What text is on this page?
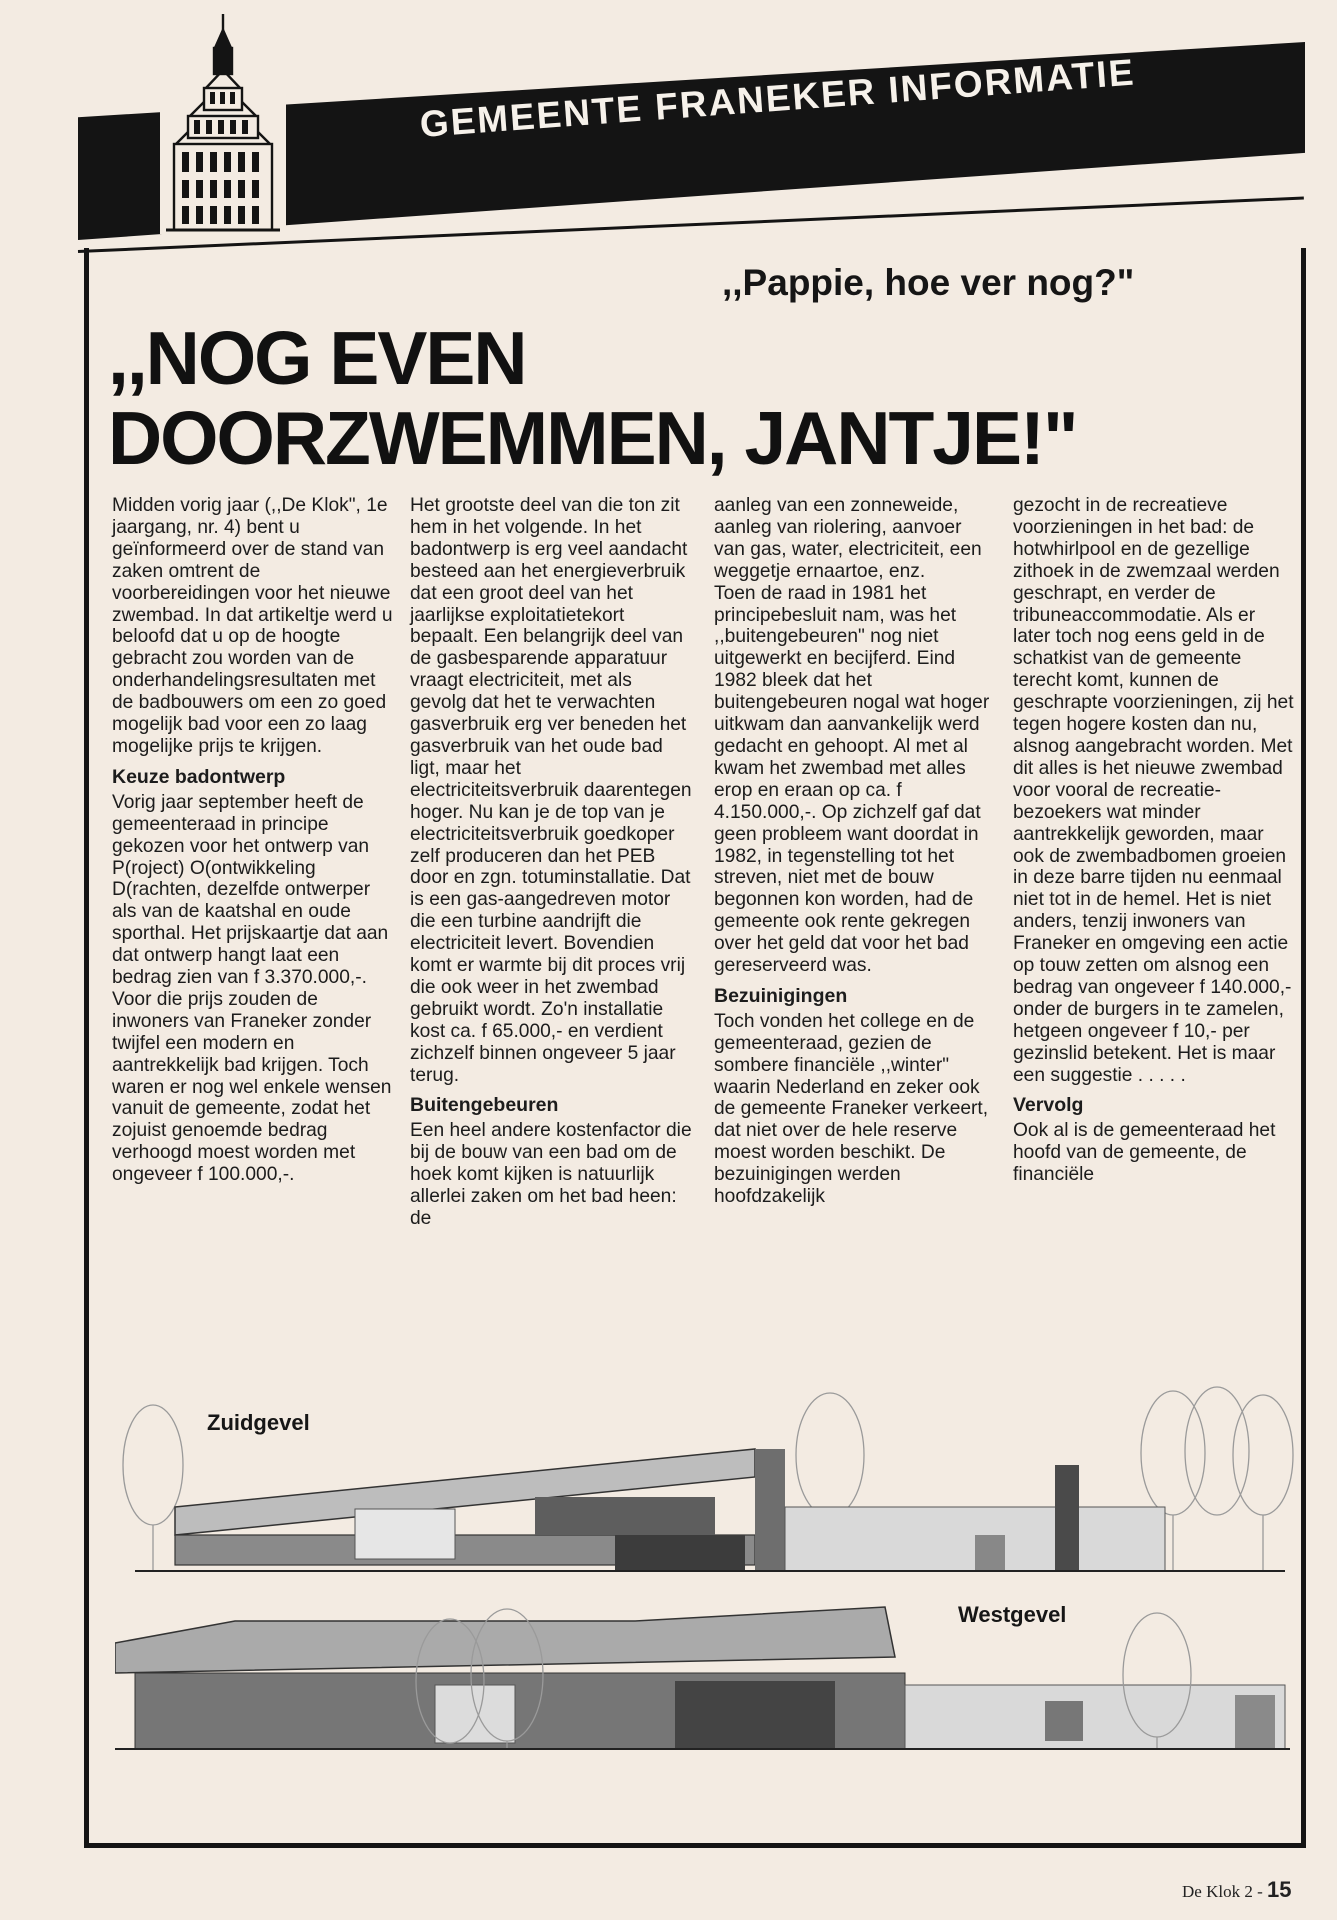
GEMEENTE FRANEKER INFORMATIE

,,Pappie, hoe ver nog?"

,,NOG EVEN
DOORZWEMMEN, JANTJE!"

Midden vorig jaar (,,De Klok", 1e jaargang, nr. 4) bent u geïnformeerd over de stand van zaken omtrent de voorbereidingen voor het nieuwe zwembad. In dat artikeltje werd u beloofd dat u op de hoogte gebracht zou worden van de onderhandelingsresultaten met de badbouwers om een zo goed mogelijk bad voor een zo laag mogelijke prijs te krijgen.

Keuze badontwerp

Vorig jaar september heeft de gemeenteraad in principe gekozen voor het ontwerp van P(roject) O(ontwikkeling D(rachten, dezelfde ontwerper als van de kaatshal en oude sporthal. Het prijskaartje dat aan dat ontwerp hangt laat een bedrag zien van f 3.370.000,-. Voor die prijs zouden de inwoners van Franeker zonder twijfel een modern en aantrekkelijk bad krijgen. Toch waren er nog wel enkele wensen vanuit de gemeente, zodat het zojuist genoemde bedrag verhoogd moest worden met ongeveer f 100.000,-.

Het grootste deel van die ton zit hem in het volgende. In het badontwerp is erg veel aandacht besteed aan het energieverbruik dat een groot deel van het jaarlijkse exploitatietekort bepaalt. Een belangrijk deel van de gasbesparende apparatuur vraagt electriciteit, met als gevolg dat het te verwachten gasverbruik erg ver beneden het gasverbruik van het oude bad ligt, maar het electriciteitsverbruik daarentegen hoger. Nu kan je de top van je electriciteitsverbruik goedkoper zelf produceren dan het PEB door en zgn. totuminstallatie. Dat is een gas-aangedreven motor die een turbine aandrijft die electriciteit levert. Bovendien komt er warmte bij dit proces vrij die ook weer in het zwembad gebruikt wordt. Zo'n installatie kost ca. f 65.000,- en verdient zichzelf binnen ongeveer 5 jaar terug.

Buitengebeuren

Een heel andere kostenfactor die bij de bouw van een bad om de hoek komt kijken is natuurlijk allerlei zaken om het bad heen: de

aanleg van een zonneweide, aanleg van riolering, aanvoer van gas, water, electriciteit, een weggetje ernaartoe, enz.

Toen de raad in 1981 het principebesluit nam, was het ,,buitengebeuren" nog niet uitgewerkt en becijferd. Eind 1982 bleek dat het buitengebeuren nogal wat hoger uitkwam dan aanvankelijk werd gedacht en gehoopt. Al met al kwam het zwembad met alles erop en eraan op ca. f 4.150.000,-. Op zichzelf gaf dat geen probleem want doordat in 1982, in tegenstelling tot het streven, niet met de bouw begonnen kon worden, had de gemeente ook rente gekregen over het geld dat voor het bad gereserveerd was.

Bezuinigingen

Toch vonden het college en de gemeenteraad, gezien de sombere financiële ,,winter" waarin Nederland en zeker ook de gemeente Franeker verkeert, dat niet over de hele reserve moest worden beschikt. De bezuinigingen werden hoofdzakelijk

gezocht in de recreatieve voorzieningen in het bad: de hotwhirlpool en de gezellige zithoek in de zwemzaal werden geschrapt, en verder de tribuneaccommodatie. Als er later toch nog eens geld in de schatkist van de gemeente terecht komt, kunnen de geschrapte voorzieningen, zij het tegen hogere kosten dan nu, alsnog aangebracht worden. Met dit alles is het nieuwe zwembad voor vooral de recreatie-bezoekers wat minder aantrekkelijk geworden, maar ook de zwembadbomen groeien in deze barre tijden nu eenmaal niet tot in de hemel. Het is niet anders, tenzij inwoners van Franeker en omgeving een actie op touw zetten om alsnog een bedrag van ongeveer f 140.000,- onder de burgers in te zamelen, hetgeen ongeveer f 10,- per gezinslid betekent. Het is maar een suggestie . . . . .

Vervolg

Ook al is de gemeenteraad het hoofd van de gemeente, de financiële

Zuidgevel

Westgevel

De Klok 2 - 15
